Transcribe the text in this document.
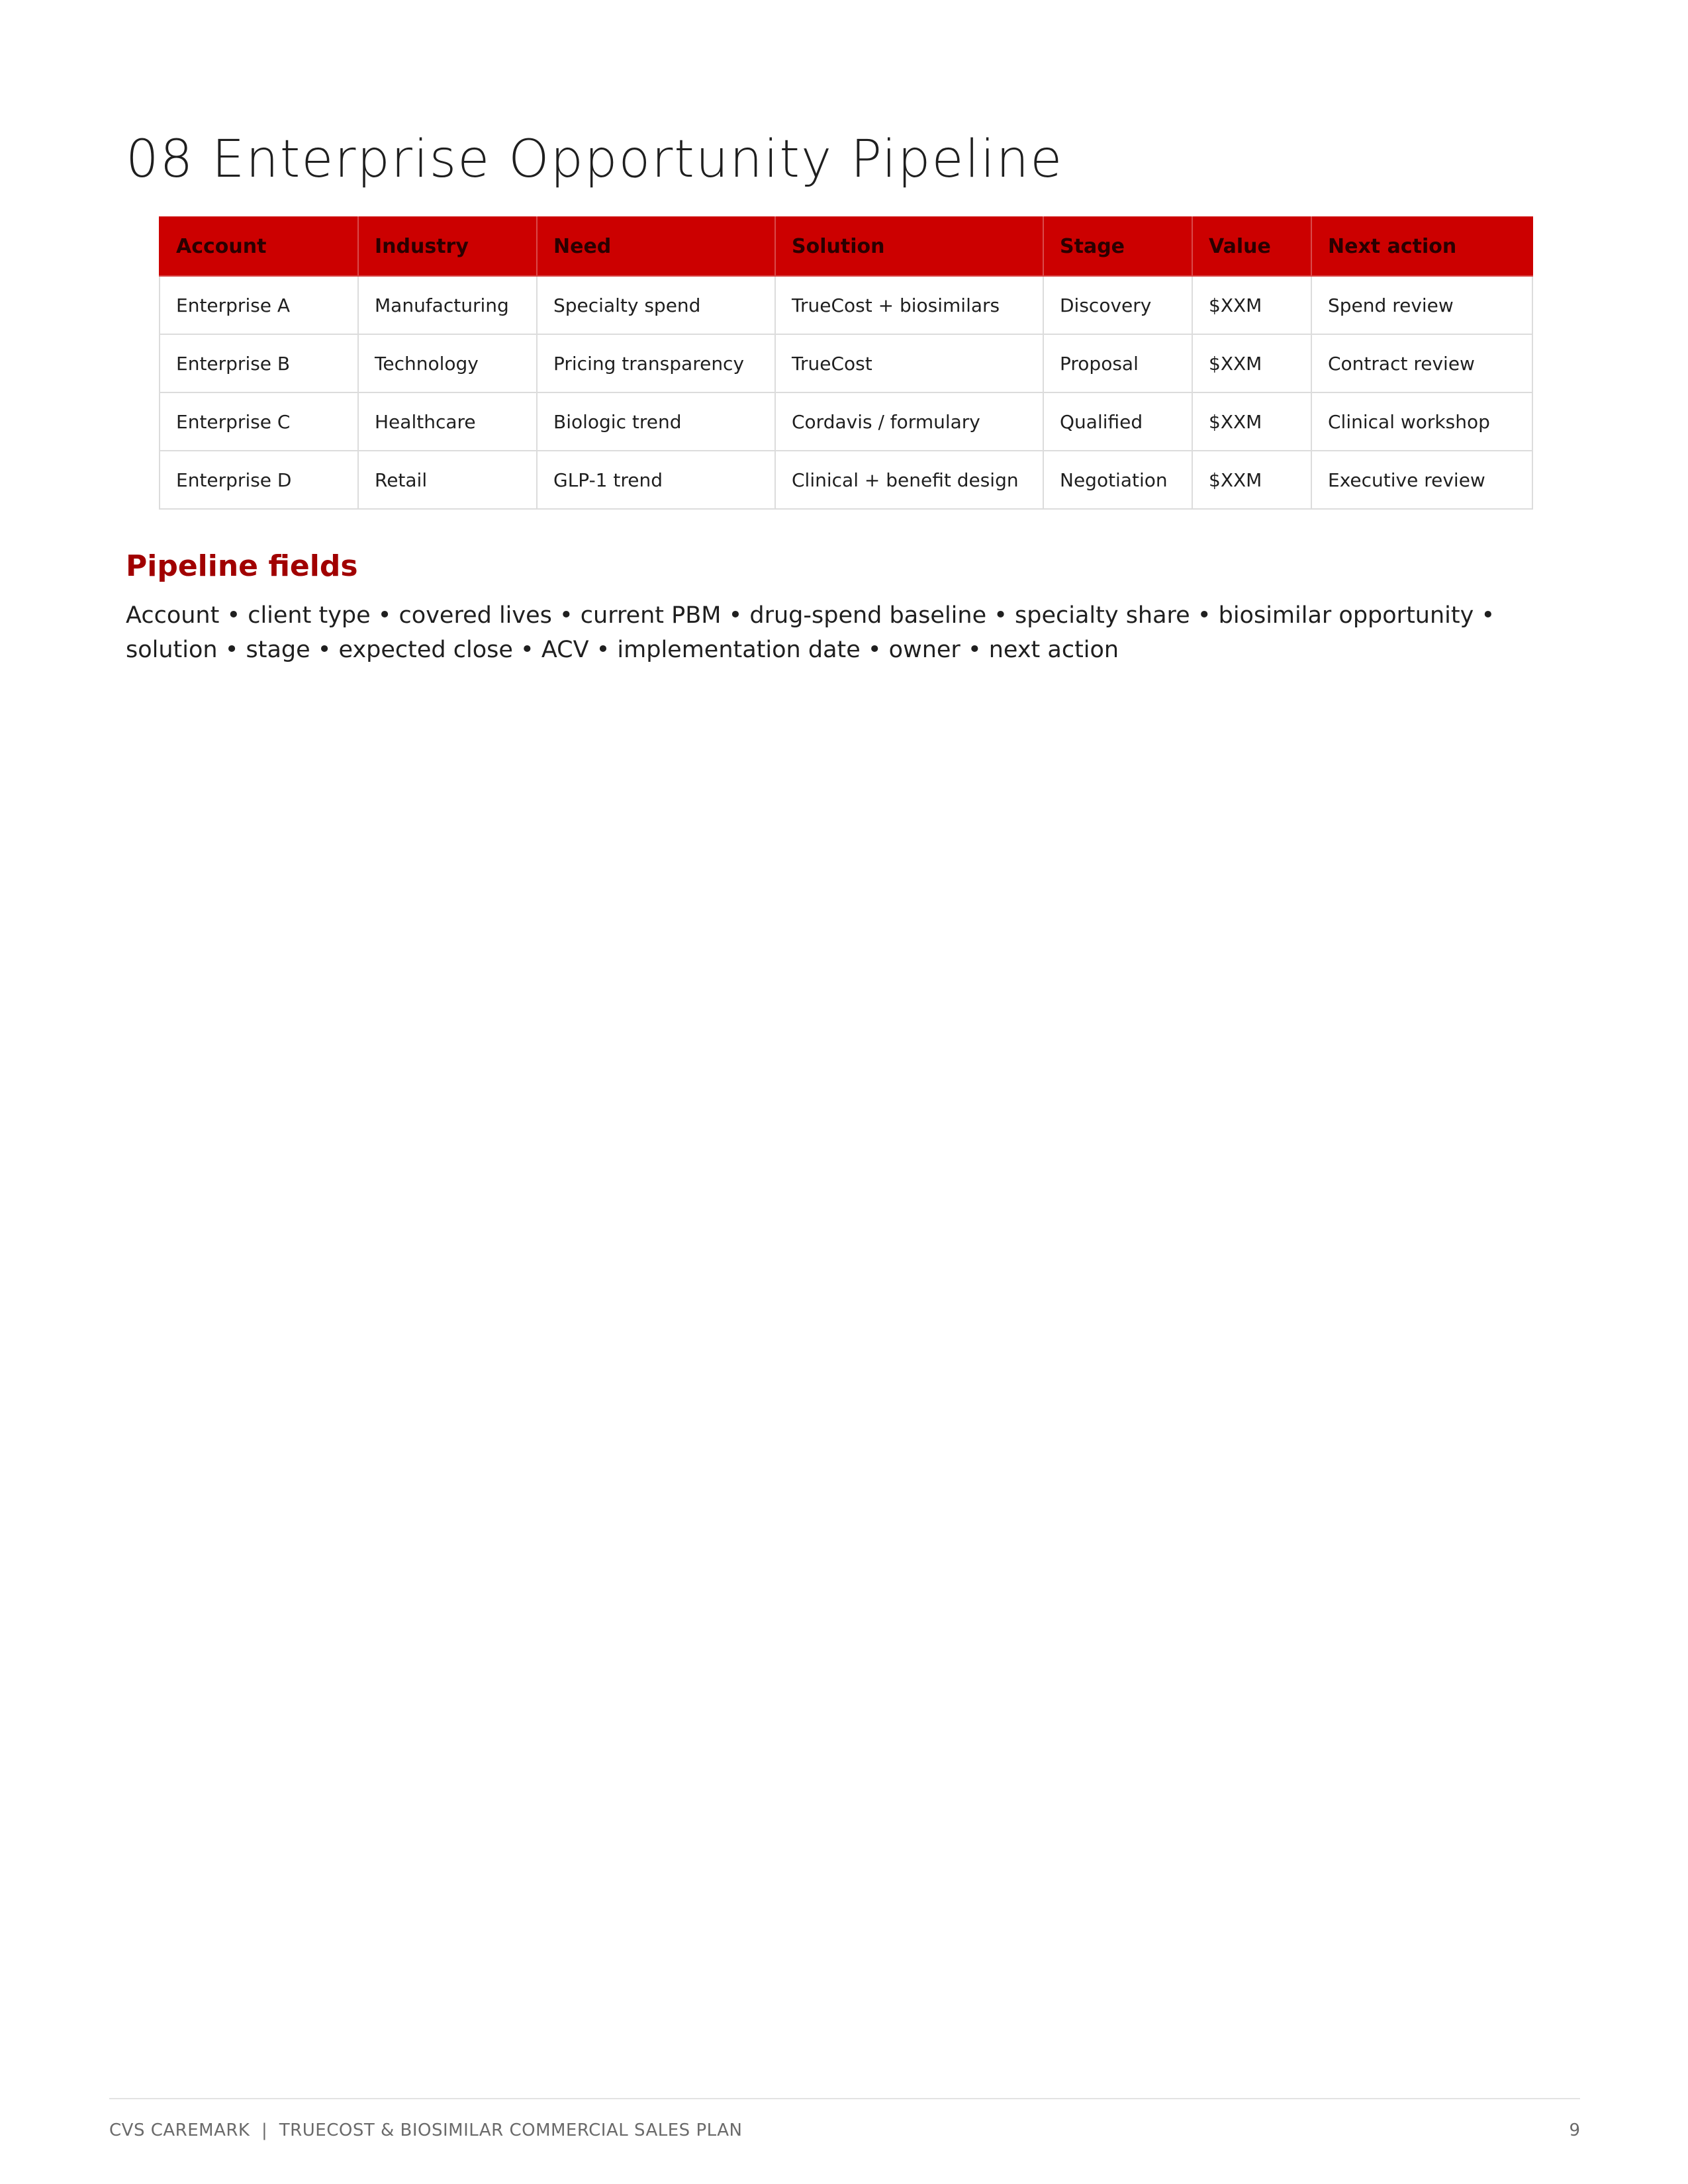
08 Enterprise Opportunity Pipeline
Account	Industry	Need	Solution	Stage	Value	Next action
Enterprise A	Manufacturing	Specialty spend	TrueCost + biosimilars	Discovery	$XXM	Spend review
Enterprise B	Technology	Pricing transparency	TrueCost	Proposal	$XXM	Contract review
Enterprise C	Healthcare	Biologic trend	Cordavis / formulary	Qualified	$XXM	Clinical workshop
Enterprise D	Retail	GLP-1 trend	Clinical + benefit design	Negotiation	$XXM	Executive review
Pipeline fields

Account • client type • covered lives • current PBM • drug-spend baseline • specialty share • biosimilar opportunity • solution • stage • expected close • ACV • implementation date • owner • next action

CVS CAREMARK  |  TRUECOST & BIOSIMILAR COMMERCIAL SALES PLAN	9
